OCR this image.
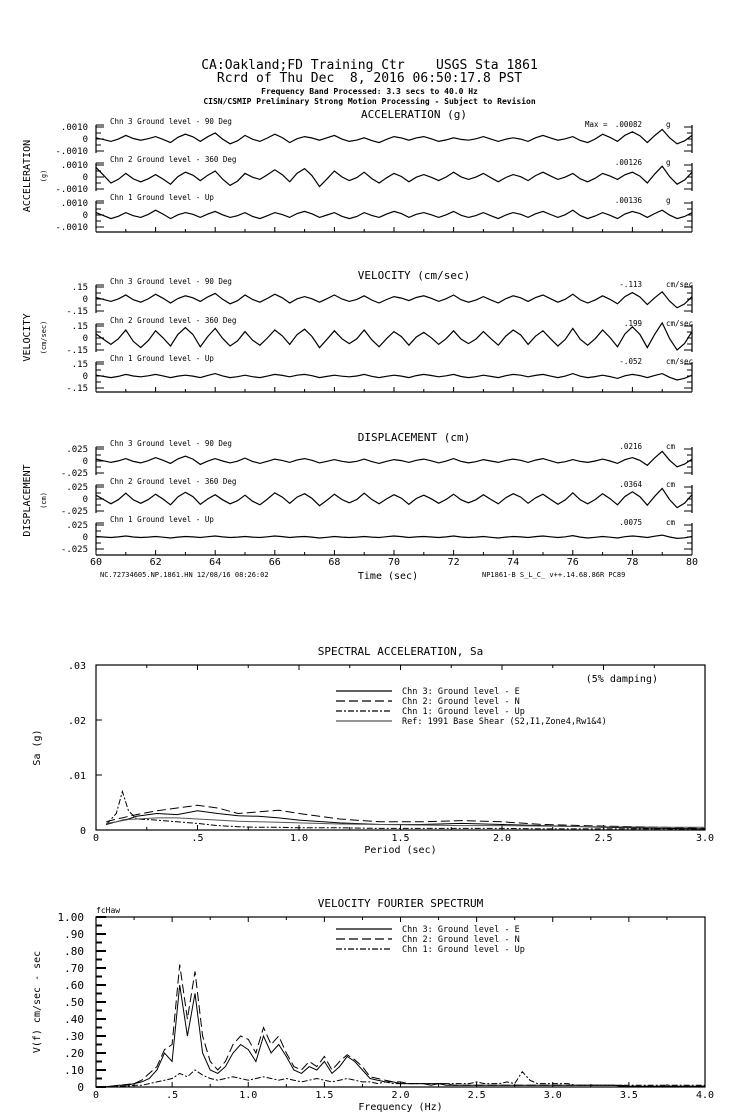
CA:Oakland;FD Training Ctr    USGS Sta 1861
Rcrd of Thu Dec  8, 2016 06:50:17.8 PST
Frequency Band Processed: 3.3 secs to 40.0 Hz
CISN/CSMIP Preliminary Strong Motion Processing - Subject to Revision
ACCELERATION (g)
ACCELERATION (g)
.0010
0
-.0010
Chn 3 Ground level - 90 Deg	Max = .00082	g
.0010
0
-.0010
Chn 2 Ground level - 360 Deg	.00126	g
.0010
0
-.0010
Chn 1 Ground level - Up	.00136	g
VELOCITY (cm/sec)
VELOCITY (cm/sec)
.15
0
-.15
Chn 3 Ground level - 90 Deg	-.113	cm/sec
.15
0
-.15
Chn 2 Ground level - 360 Deg	.199	cm/sec
.15
0
-.15
Chn 1 Ground level - Up	-.052	cm/sec
DISPLACEMENT (cm)
DISPLACEMENT (cm)
.025
0
-.025
Chn 3 Ground level - 90 Deg	.0216	cm
.025
0
-.025
Chn 2 Ground level - 360 Deg	.0364	cm
.025
0
-.025
Chn 1 Ground level - Up	.0075	cm
60	62	64	66	68	70	72	74	76	78	80
Time (sec)
NC.72734605.NP.1861.HN 12/08/16 08:26:02	NP1861-B S_L_C_ v++.14.68.86R PC89
SPECTRAL ACCELERATION, Sa
0	.5	1.0	1.5	2.0	2.5	3.0
.03
.02
.01
0
Period (sec)
Sa (g)
Chn 3: Ground level - E
Chn 2: Ground level - N
Chn 1: Ground level - Up
Ref: 1991 Base Shear (S2,I1,Zone4,Rw1&4)
(5% damping)
VELOCITY FOURIER SPECTRUM
0	.5	1.0	1.5	2.0	2.5	3.0	3.5	4.0
1.00
.90
.80
.70
.60
.50
.40
.30
.20
.10
0
Frequency (Hz)
V(f) cm/sec - sec
Chn 3: Ground level - E
Chn 2: Ground level - N
Chn 1: Ground level - Up
fcHaw
